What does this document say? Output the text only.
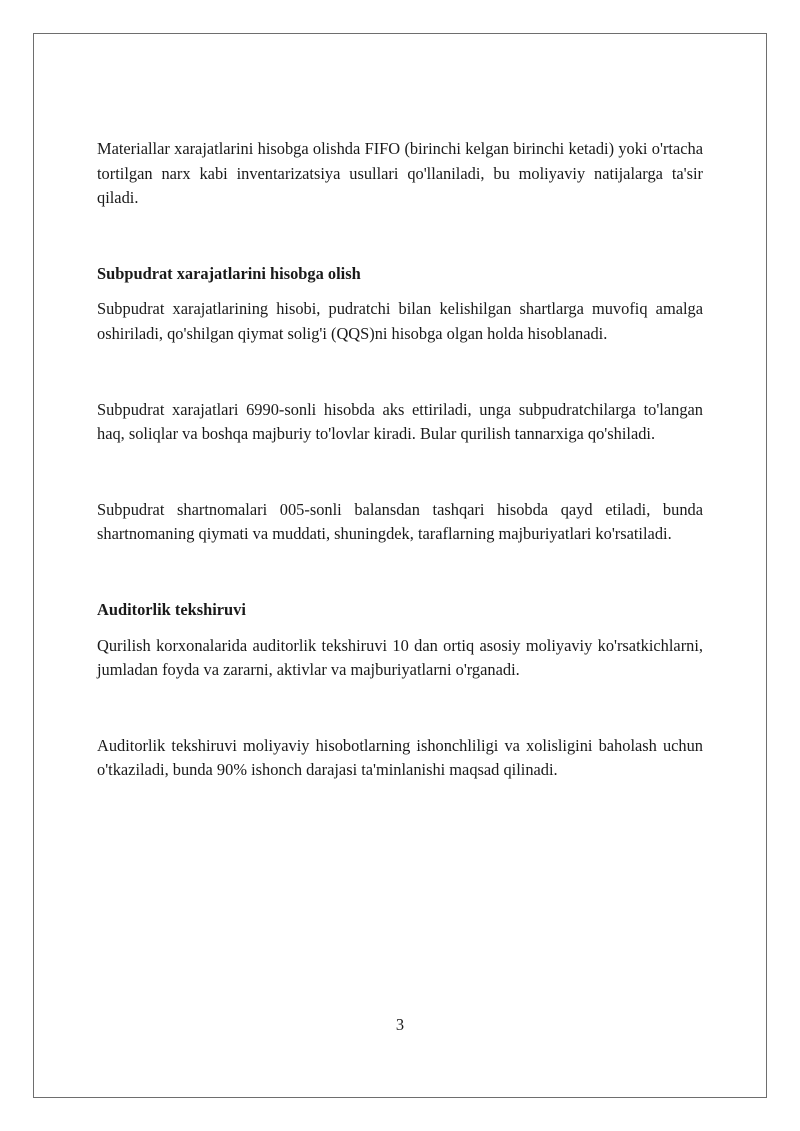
Materiallar xarajatlarini hisobga olishda FIFO (birinchi kelgan birinchi ketadi) yoki o'rtacha tortilgan narx kabi inventarizatsiya usullari qo'llaniladi, bu moliyaviy natijalarga ta'sir qiladi.

Subpudrat xarajatlarini hisobga olish

Subpudrat xarajatlarining hisobi, pudratchi bilan kelishilgan shartlarga muvofiq amalga oshiriladi, qo'shilgan qiymat solig'i (QQS)ni hisobga olgan holda hisoblanadi.

Subpudrat xarajatlari 6990-sonli hisobda aks ettiriladi, unga subpudratchilarga to'langan haq, soliqlar va boshqa majburiy to'lovlar kiradi. Bular qurilish tannarxiga qo'shiladi.

Subpudrat shartnomalari 005-sonli balansdan tashqari hisobda qayd etiladi, bunda shartnomaning qiymati va muddati, shuningdek, taraflarning majburiyatlari ko'rsatiladi.

Auditorlik tekshiruvi

Qurilish korxonalarida auditorlik tekshiruvi 10 dan ortiq asosiy moliyaviy ko'rsatkichlarni, jumladan foyda va zararni, aktivlar va majburiyatlarni o'rganadi.

Auditorlik tekshiruvi moliyaviy hisobotlarning ishonchliligi va xolisligini baholash uchun o'tkaziladi, bunda 90% ishonch darajasi ta'minlanishi maqsad qilinadi.

3
